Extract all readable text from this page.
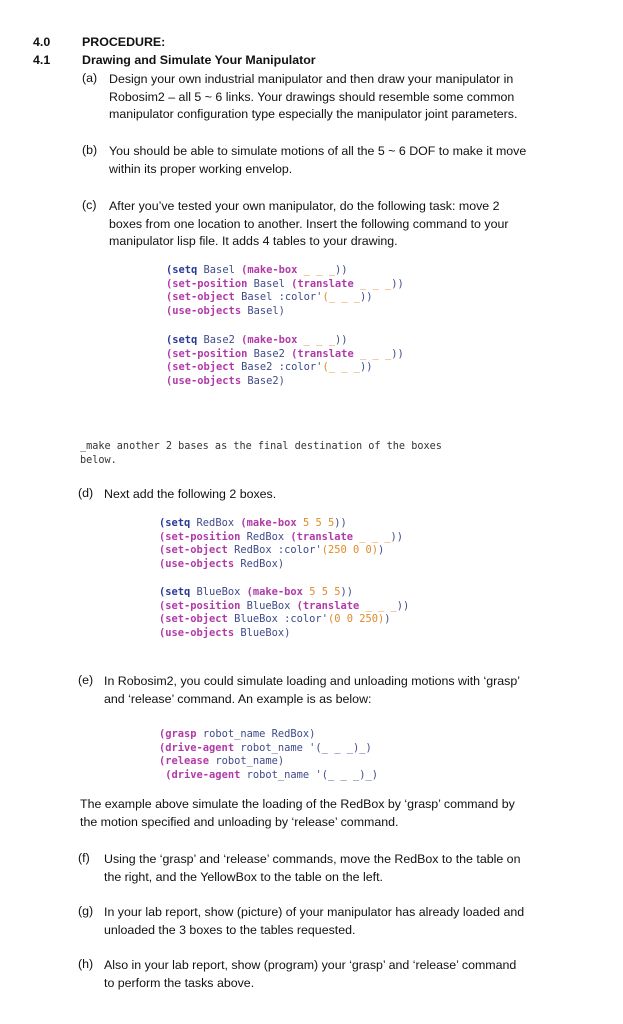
4.0	PROCEDURE:
4.1	Drawing and Simulate Your Manipulator
(a) Design your own industrial manipulator and then draw your manipulator in
Robosim2 – all 5 ~ 6 links. Your drawings should resemble some common
manipulator configuration type especially the manipulator joint parameters.
(b) You should be able to simulate motions of all the 5 ~ 6 DOF to make it move
within its proper working envelop.
(c) After you’ve tested your own manipulator, do the following task: move 2
boxes from one location to another. Insert the following command to your
manipulator lisp file. It adds 4 tables to your drawing.
(setq Basel (make-box _ _ _))
(set-position Basel (translate _ _ _))
(set-object Basel :color'(_ _ _))
(use-objects Basel)
(setq Base2 (make-box _ _ _))
(set-position Base2 (translate _ _ _))
(set-object Base2 :color'(_ _ _))
(use-objects Base2)
_make another 2 bases as the final destination of the boxes
below.
(d) Next add the following 2 boxes.
(setq RedBox (make-box 5 5 5))
(set-position RedBox (translate _ _ _))
(set-object RedBox :color'(250 0 0))
(use-objects RedBox)
(setq BlueBox (make-box 5 5 5))
(set-position BlueBox (translate _ _ _))
(set-object BlueBox :color'(0 0 250))
(use-objects BlueBox)
(e) In Robosim2, you could simulate loading and unloading motions with ‘grasp’
and ‘release’ command. An example is as below:
(grasp robot_name RedBox)
(drive-agent robot_name '(_ _ _)_)
(release robot_name)
(drive-agent robot_name '(_ _ _)_)
The example above simulate the loading of the RedBox by ‘grasp’ command by
the motion specified and unloading by ‘release’ command.
(f) Using the ‘grasp’ and ‘release’ commands, move the RedBox to the table on
the right, and the YellowBox to the table on the left.
(g) In your lab report, show (picture) of your manipulator has already loaded and
unloaded the 3 boxes to the tables requested.
(h) Also in your lab report, show (program) your ‘grasp’ and ‘release’ command
to perform the tasks above.
